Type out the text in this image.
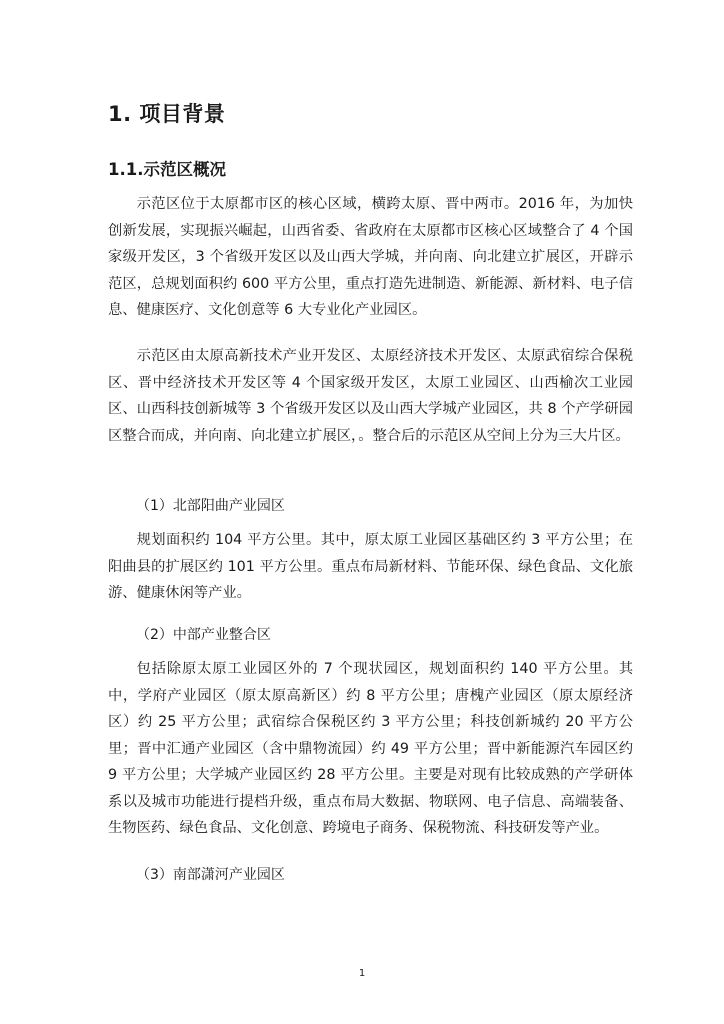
1. 项目背景
1.1.示范区概况

示范区位于太原都市区的核心区域，横跨太原、晋中两市。2016 年，为加快创新发展，实现振兴崛起，山西省委、省政府在太原都市区核心区域整合了 4 个国家级开发区，3 个省级开发区以及山西大学城，并向南、向北建立扩展区，开辟示范区，总规划面积约 600 平方公里，重点打造先进制造、新能源、新材料、电子信息、健康医疗、文化创意等 6 大专业化产业园区。

示范区由太原高新技术产业开发区、太原经济技术开发区、太原武宿综合保税区、晋中经济技术开发区等 4 个国家级开发区，太原工业园区、山西榆次工业园区、山西科技创新城等 3 个省级开发区以及山西大学城产业园区，共 8 个产学研园区整合而成，并向南、向北建立扩展区，。整合后的示范区从空间上分为三大片区。

（1）北部阳曲产业园区

规划面积约 104 平方公里。其中，原太原工业园区基础区约 3 平方公里；在阳曲县的扩展区约 101 平方公里。重点布局新材料、节能环保、绿色食品、文化旅游、健康休闲等产业。

（2）中部产业整合区

包括除原太原工业园区外的 7 个现状园区，规划面积约 140 平方公里。其中，学府产业园区（原太原高新区）约 8 平方公里；唐槐产业园区（原太原经济区）约 25 平方公里；武宿综合保税区约 3 平方公里；科技创新城约 20 平方公里；晋中汇通产业园区（含中鼎物流园）约 49 平方公里；晋中新能源汽车园区约 9 平方公里；大学城产业园区约 28 平方公里。主要是对现有比较成熟的产学研体系以及城市功能进行提档升级，重点布局大数据、物联网、电子信息、高端装备、生物医药、绿色食品、文化创意、跨境电子商务、保税物流、科技研发等产业。

（3）南部潇河产业园区

1
